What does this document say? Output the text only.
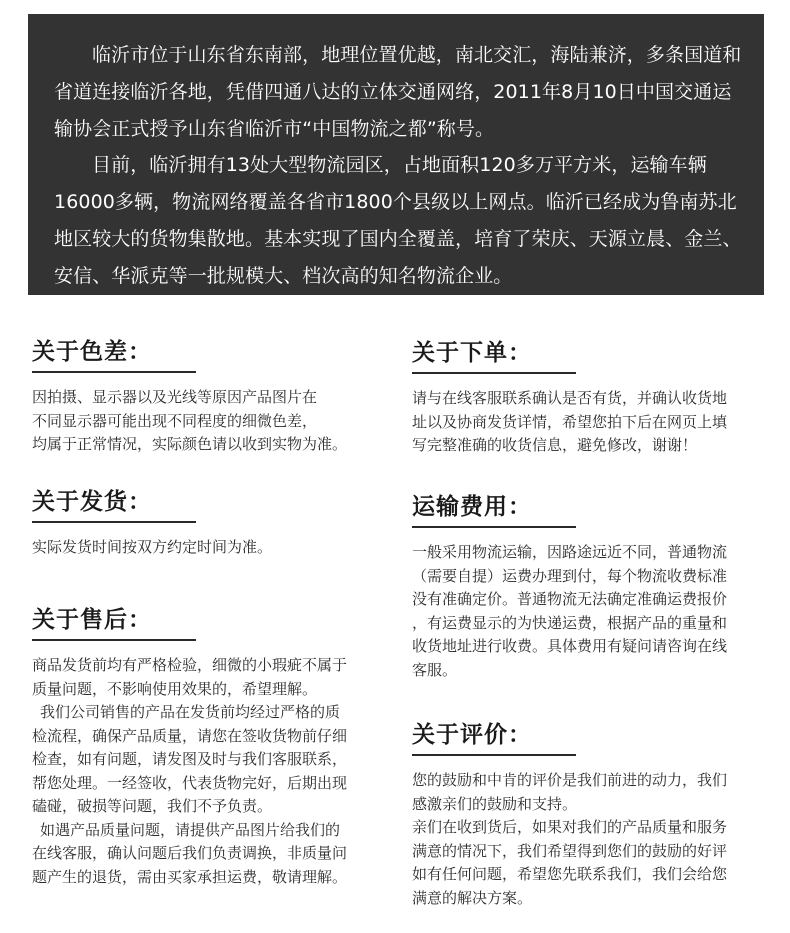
临沂市位于山东省东南部，地理位置优越，南北交汇，海陆兼济，多条国道和省道连接临沂各地，凭借四通八达的立体交通网络，2011年8月10日中国交通运输协会正式授予山东省临沂市“中国物流之都”称号。

目前，临沂拥有13处大型物流园区，占地面积120多万平方米，运输车辆16000多辆，物流网络覆盖各省市1800个县级以上网点。临沂已经成为鲁南苏北地区较大的货物集散地。基本实现了国内全覆盖，培育了荣庆、天源立晨、金兰、安信、华派克等一批规模大、档次高的知名物流企业。

关于色差：

因拍摄、显示器以及光线等原因产品图片在

不同显示器可能出现不同程度的细微色差，

均属于正常情况，实际颜色请以收到实物为准。

关于发货：

实际发货时间按双方约定时间为准。

关于售后：

商品发货前均有严格检验，细微的小瑕疵不属于

质量问题，不影响使用效果的，希望理解。

我们公司销售的产品在发货前均经过严格的质

检流程，确保产品质量，请您在签收货物前仔细

检查，如有问题，请发图及时与我们客服联系，

帮您处理。一经签收，代表货物完好，后期出现

磕碰，破损等问题，我们不予负责。

如遇产品质量问题，请提供产品图片给我们的

在线客服，确认问题后我们负责调换，非质量问

题产生的退货，需由买家承担运费，敬请理解。

关于下单：

请与在线客服联系确认是否有货，并确认收货地

址以及协商发货详情，希望您拍下后在网页上填

写完整准确的收货信息，避免修改，谢谢！

运输费用：

一般采用物流运输，因路途远近不同，普通物流

（需要自提）运费办理到付，每个物流收费标准

没有准确定价。普通物流无法确定准确运费报价

，有运费显示的为快递运费，根据产品的重量和

收货地址进行收费。具体费用有疑问请咨询在线

客服。

关于评价：

您的鼓励和中肯的评价是我们前进的动力，我们

感激亲们的鼓励和支持。

亲们在收到货后，如果对我们的产品质量和服务

满意的情况下，我们希望得到您们的鼓励的好评

如有任何问题，希望您先联系我们，我们会给您

满意的解决方案。
